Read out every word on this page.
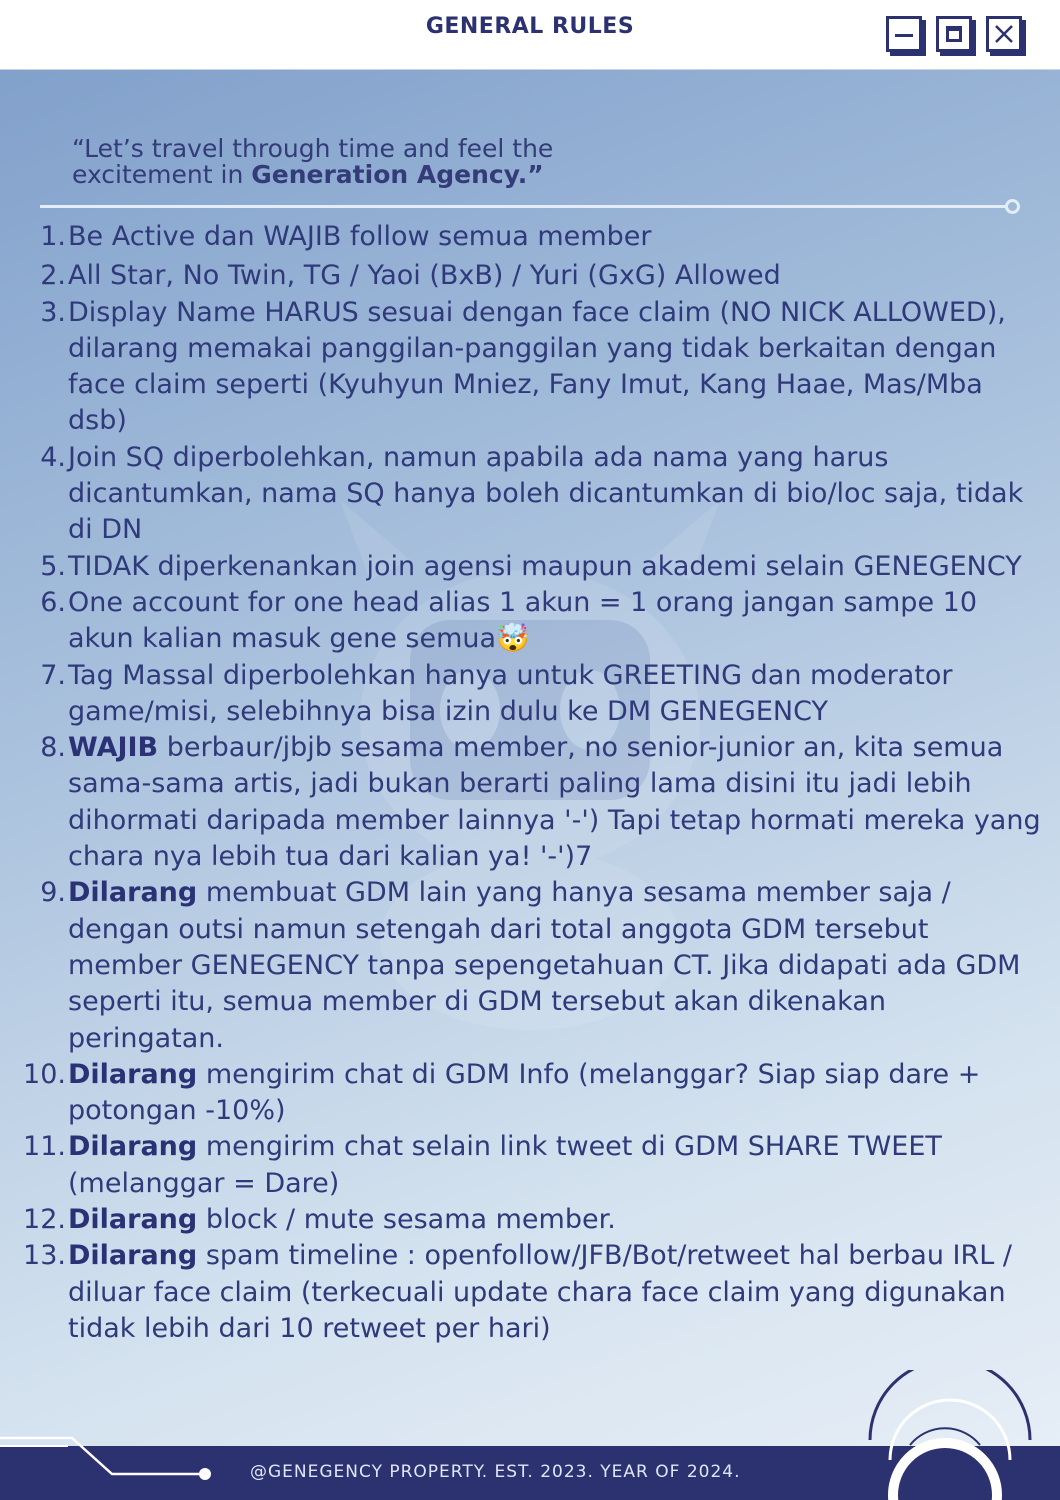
GENERAL RULES
“Let’s travel through time and feel the
excitement in Generation Agency.”
1. Be Active dan WAJIB follow semua member
2. All Star, No Twin, TG / Yaoi (BxB) / Yuri (GxG) Allowed
3. Display Name HARUS sesuai dengan face claim (NO NICK ALLOWED), dilarang memakai panggilan-panggilan yang tidak berkaitan dengan face claim seperti (Kyuhyun Mniez, Fany Imut, Kang Haae, Mas/Mba dsb)
4. Join SQ diperbolehkan, namun apabila ada nama yang harus dicantumkan, nama SQ hanya boleh dicantumkan di bio/loc saja, tidak di DN
5. TIDAK diperkenankan join agensi maupun akademi selain GENEGENCY
6. One account for one head alias 1 akun = 1 orang jangan sampe 10 akun kalian masuk gene semua🤯
7. Tag Massal diperbolehkan hanya untuk GREETING dan moderator game/misi, selebihnya bisa izin dulu ke DM GENEGENCY
8. WAJIB berbaur/jbjb sesama member, no senior-junior an, kita semua sama-sama artis, jadi bukan berarti paling lama disini itu jadi lebih dihormati daripada member lainnya '-') Tapi tetap hormati mereka yang chara nya lebih tua dari kalian ya! '-')7
9. Dilarang membuat GDM lain yang hanya sesama member saja / dengan outsi namun setengah dari total anggota GDM tersebut member GENEGENCY tanpa sepengetahuan CT. Jika didapati ada GDM seperti itu, semua member di GDM tersebut akan dikenakan peringatan.
10. Dilarang mengirim chat di GDM Info (melanggar? Siap siap dare + potongan -10%)
11. Dilarang mengirim chat selain link tweet di GDM SHARE TWEET (melanggar = Dare)
12. Dilarang block / mute sesama member.
13. Dilarang spam timeline : openfollow/JFB/Bot/retweet hal berbau IRL / diluar face claim (terkecuali update chara face claim yang digunakan tidak lebih dari 10 retweet per hari)
@GENEGENCY PROPERTY. EST. 2023. YEAR OF 2024.
